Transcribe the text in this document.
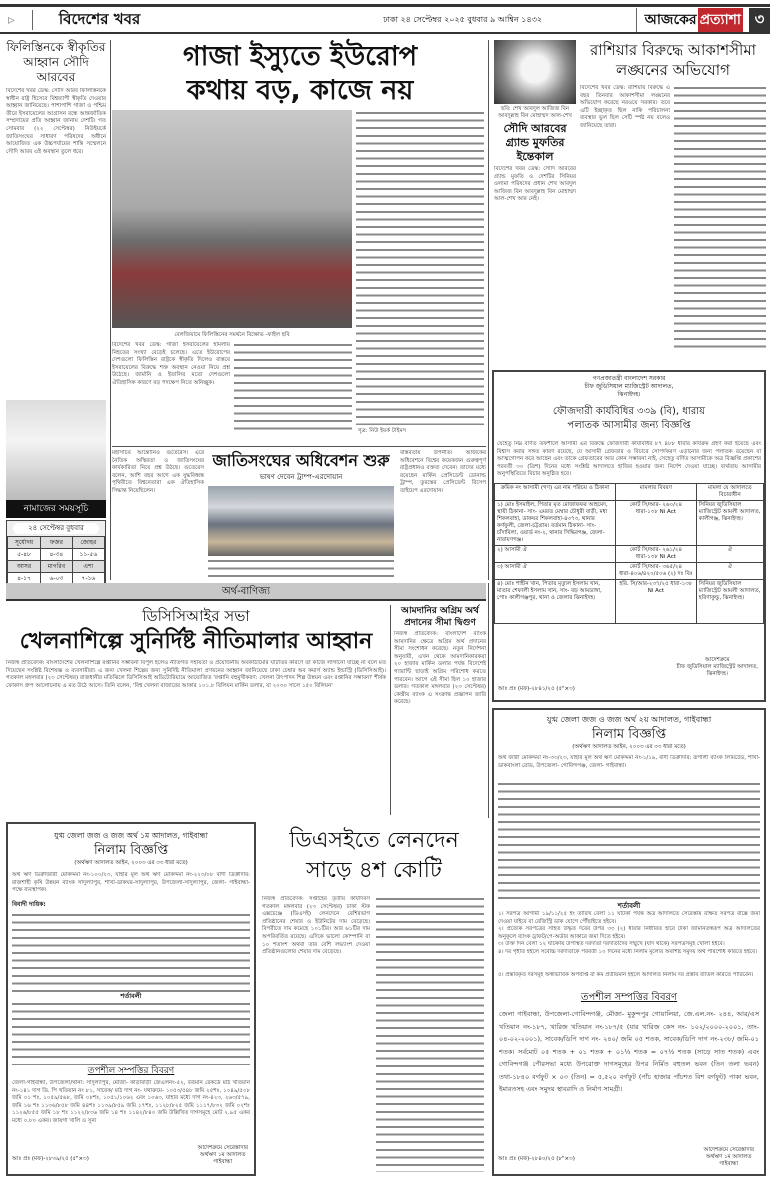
▹	বিদেশের খবর	ঢাকা ২৪ সেপ্টেম্বর ২০২৫ বুধবার ৯ আশ্বিন ১৪৩২	আজকের প্রত্যাশা ৩
ফিলিস্তিনকে স্বীকৃতির আহ্বান সৌদি আরবের
বিদেশের খবর ডেস্ক: সৌদি আরব ফিলিস্তিনকে স্বাধীন রাষ্ট্র হিসেবে বিশ্বব্যাপী স্বীকৃতি দেওয়ার আহ্বান জানিয়েছে। পাশাপাশি গাজা ও পশ্চিম তীরে ইসরায়েলের আগ্রাসন বন্ধে আন্তর্জাতিক সম্প্রদায়ের প্রতি আহ্বান জানায় দেশটি। গত সোমবার (২২ সেপ্টেম্বর) নিউইয়র্কে জাতিসংঘের সাধারণ পরিষদের অধীনে আয়োজিত এক উচ্চপর্যায়ের শান্তি সম্মেলনে সৌদি আরব এই অবস্থান তুলে ধরে।
নামাজের সময়সূচি
২৪ সেপ্টেম্বর বুধবার
সূর্যোদয়	ফজর	জোহর
৫-৪৮	৪-৩৪	১১-৫৬
আসর	মাগরিব	এশা
৪-১৭	৬-০৩	৭-১৬
গাজা ইস্যুতে ইউরোপ
কথায় বড়, কাজে নয়
বেলজিয়ামে ফিলিস্তিনের সমর্থনে বিক্ষোভ -ফাইল ছবি
বিদেশের খবর ডেস্ক: গাজা ইসরায়েলের হামলায় নিহতের সংখ্যা বেড়েই চলেছে। এতে ইউরোপের দেশগুলো ফিলিস্তিন রাষ্ট্রকে স্বীকৃতি দিলেও বাস্তবে ইসরায়েলের বিরুদ্ধে শক্ত অবস্থান নেওয়া নিয়ে প্রশ্ন উঠেছে। জার্মানি ও ইতালির মতো দেশগুলো ঐতিহাসিক কারণে বড় পদক্ষেপ নিতে অনিচ্ছুক।
সূত্র: নিউ ইয়র্ক টাইমস
ছবি: শেখ আবদুল আজিজ বিন আবদুল্লাহ বিন মোহাম্মদ আল-শেখ
রাশিয়ার বিরুদ্ধে আকাশসীমা
লঙ্ঘনের অভিযোগ
বিদেশের খবর ডেস্ক: রাশিয়ার বিরুদ্ধে এ বছর তিনবার আকাশসীমা লঙ্ঘনের অভিযোগ করেছে নরওয়ে সরকার। তবে এটি ইচ্ছাকৃত ছিল নাকি পরিচালনা ব্যবস্থার ভুল ছিল সেটি স্পষ্ট নয় বলেও জানিয়েছে তারা।
সৌদি আরবের গ্র্যান্ড মুফতির ইন্তেকাল
বিদেশের খবর ডেস্ক: সৌদি আরবের গ্র্যান্ড মুফতি ও দেশটির সিনিয়র ওলামা পরিষদের প্রধান শেখ আবদুল আজিজ বিন আবদুল্লাহ বিন মোহাম্মদ আল-শেখ আর নেই।
গণপ্রজাতন্ত্রী বাংলাদেশ সরকার
চীফ জুডিসিয়াল ম্যাজিস্ট্রেট আদালত,
ঝিনাইদহ।
ফৌজদারী কার্যবিধির ৩৩৯ (বি), ধারায়
পলাতক আসামীর জন্য বিজ্ঞপ্তি
যেহেতু নিম্ন বর্ণিত তফশীলে আসামী এর বিরুদ্ধে ফৌজদারী কার্যবিধির ৮৭ ৪৮৮ ধারার কার্যক্রম গ্রহণ করা হয়েছে এবং বিশ্বাস করার সঙ্গত কারণ রয়েছে, যে আসামী গ্রেফতার ও বিচারে সোপর্দকরণ এড়ানোর জন্য পলাতক রয়েছেন বা আত্মগোপন করে আছেন এবং তাকে গ্রেফতারের আর কোন সম্ভাবনা নাই, সেহেতু বর্ণিত আসামীকে অত্র বিজ্ঞপ্তি প্রকাশের পরবর্তী ৩০ (ত্রিশ) দিনের মধ্যে সংশ্লিষ্ট আদালতে হাজির হওয়ার জন্য নির্দেশ দেওয়া যাচ্ছে। ব্যর্থতায় আসামীর অনুপস্থিতিতে বিচার অনুষ্ঠিত হবে।
ক্রমিক নং আসামী (গণ) এর নাম পরিচয় ও ঠিকানা	মামলার বিবরণ	মামলা যে আদালতে বিচারাধীন
১) মোঃ ইসমাইল, পিতার মৃত মোজাফফর আহমেদ, স্থায়ী ঠিকানা- সাং- এমরত মেম্বার চৌধুরী বাড়ী, মধ্য শিকলবাহা, ডাকঘর শিকলবাহা-৪৩৭৩, থানার কর্ণফুলী, জেলা-চট্টগ্রাম। বর্তমান ঠিকানা- সাং- চাঁদাবিলা, ওয়ার্ড নং-২, থানার সিদ্ধিরগঞ্জ, জেলা- নারায়ণগঞ্জ।	কোর্ট সি/আর- ২৬০/২৪ ধারা-১৩৮ Ni Act	সিনিয়র জুডিসিয়াল ম্যাজিস্ট্রেট আমলী আদালত, কালীগঞ্জ, ঝিনাইদহ।
২) আসামী ঐ	কোর্ট সি/আর- ২৬১/২৪ ধারা-১৩৮ Ni Act	ঐ
৩) আসামী ঐ	কোর্ট সি/আর- ৩৬৫/২৪ ধারা-৪০৬/৪২০/৫০৬ (২) দঃ বিঃ	ঐ
৪) মোঃ শাহীন খান, পিতার মৃত্যুল ইসলাম খান, মাতার শেফালী ইসলাম খান, সাং- বড় আমডাঙ্গা, পোঃ কালীগঞ্জপুর, থানা ও জেলার ঝিনাইদহ।	হরি. সি/আর-২৩৭/২৫ ধারা-১৩৮ Ni Act	সিনিয়র জুডিসিয়াল ম্যাজিস্ট্রেট আমলী আদালত, হরিণাকুন্ডু, ঝিনাইদহ।
আদেশক্রমে
চীফ জুডিসিয়াল ম্যাজিস্ট্রেট আদালত,
ঝিনাইদহ।
আঃ প্রঃ (মফ)-২৮৪১/২৫ (৫"×৩)
মহাসচিব আন্তোনিও গুতেরেস। এরে নৈতিক অস্থিরতা ও জাতিসংঘের কার্যকারিতা নিয়ে প্রশ্ন উঠছে। গুতেরেস বলেন, আশি বছর আগে এক যুদ্ধবিধ্বস্ত পৃথিবীতে বিশ্বনেতারা এক ঐতিহাসিক সিদ্ধান্ত নিয়েছিলেন।
জাতিসংঘের অধিবেশন শুরু
ভাষণ দেবেন ট্রাম্প-এরদোয়ান
বাস্তবতায় উপনীত। আজকের অধিবেশনে বিশ্বের কয়েকজন গুরুত্বপূর্ণ রাষ্ট্রপ্রধানও বক্তব্য দেবেন। তাদের মধ্যে রয়েছেন মার্কিন প্রেসিডেন্ট ডোনাল্ড ট্রাম্প, তুরস্কের প্রেসিডেন্ট রিসেপ তাইয়েপ এরদোয়ান।
অর্থ-বাণিজ্য
ডিসিসিআইর সভা
খেলনাশিল্পে সুনির্দিষ্ট নীতিমালার আহ্বান
নিজস্ব প্রতিবেদক: বাংলাদেশের খেলনাশিল্পে রপ্তানির সম্ভাবনা বিপুল হলেও নীতিগত সহায়তা ও প্রয়োজনীয় অবকাঠামোর ঘাটতির কারণে তা কাজে লাগানো যাচ্ছে না বলে মত দিয়েছেন সংশ্লিষ্ট বিশেষজ্ঞ ও ব্যবসায়ীরা। এ জন্য খেলনা শিল্পের জন্য সুনির্দিষ্ট নীতিমালা প্রণয়নের আহ্বান জানিয়েছে ঢাকা চেম্বার অব কমার্স অ্যান্ড ইন্ডাস্ট্রি (ডিসিসিআই)। গতকাল মঙ্গলবার (২৩ সেপ্টেম্বর) রাজধানীর মতিঝিলে ডিসিসিআই অডিটোরিয়ামে আয়োজিত 'রপ্তানি বহুমুখীকরণ: খেলনা উৎপাদন শিল্প উন্নয়ন এবং রপ্তানির সম্ভাবনা' শীর্ষক ফোকাস গ্রুপ আলোচনায় এ মত উঠে আসে। তিনি বলেন, 'বিশ্ব খেলনা বাজারের আকার ১০১.৮ বিলিয়ন মার্কিন ডলার, যা ২০৩০ সালে ১৫০ বিলিয়ন'
আমদানির অগ্রিম অর্থ প্রদানের সীমা দ্বিগুণ
নিজস্ব প্রতিবেদক: বাংলাদেশ ব্যাংক আমদানির ক্ষেত্রে অগ্রিম অর্থ প্রদানের সীমা সংশোধন করেছে। নতুন নির্দেশনা অনুযায়ী, এখন থেকে আমদানিকারকরা ২০ হাজার মার্কিন ডলার পর্যন্ত বিদেশেই গ্যারান্টি ছাড়াই অগ্রিম পরিশোধ করতে পারবেন। আগে এই সীমা ছিল ১০ হাজার ডলার। গতকাল মঙ্গলবার (২৩ সেপ্টেম্বর) কেন্দ্রীয় ব্যাংক এ সংক্রান্ত প্রজ্ঞাপন জারি করেছে।
যুগ্ম জেলা জজ ও জজ অর্থ ২য় আদালত, গাইবান্ধা
নিলাম বিজ্ঞপ্তি
(অর্থঋণ আদালত আইন, ২০০৩ এর ৩৩ ধারা মতে)
অর্থ জারী মোকদ্দমা নং-৩৩/২৩, যাহার মূল অর্থ ঋণ মোকদ্দমা নং-১/১৯, বাদী ডিক্রীদার: রূপালী ব্যাংক লিমিটেড, শাখা- ডাকবাংলা রোড, উপজেলা- গোবিন্দগঞ্জ, জেলা- গাইবান্ধা।
শর্তাবলী
১। সরপত্র আগামী ১৯/১১/২৫ ইং তারিখ বেলা ১১ ঘটিকা পর্যন্ত অত্র আদালতে সেরেস্তায় রক্ষিত সরপত্র বাক্সে জমা দেওয়া যাইবে বা রেজিস্ট্রি ডাক যোগে পৌঁছাইতে হইবে।
২। প্রত্যেক সরপত্রের সহিত উদ্ধৃত দরের উপর ৩৩ (২) ধারার নির্ধারিত হারে টাকা জামানতস্বরূপ অত্র আদালতের অনুকূলে ব্যাংক ড্রাফট/পে-অর্ডার আকারে জমা দিতে হইবে।
৩। উক্ত দিন বেলা ১২ ঘটিকায় উপস্থিত দরদাতা দরদাতাদের সম্মুখে (যদি থাকে) সরপত্রসমূহ খোলা হইবে।
৪। দর গৃহীত হইলে সর্বোচ্চ দরদাতাকে পরবর্তী ১০ দিনের মধ্যে নিলাম মূল্যের অবশিষ্ট সমুদয় অর্থ পরিশোধ করিতে হইবে।
৫। প্রস্তাবকৃত দরসমূহ অস্বাভাবিক অপর্যাপ্ত বা কম প্রতীয়মান হইলে আদালত নিলাম দর প্রস্তাব বাতিল করিতে পারিবেন।
তপশীল সম্পত্তির বিবরণ
জেলা গাইবান্ধা, উপজেলা-গোবিন্দগঞ্জ, মৌজা- মুকুন্দপুর গোয়ালিয়া, জে.এল.নং- ২৪৪, আর/এস খতিয়ান নং-১৮৭, খারিজ খতিয়ান নং-১৮৭/৫ (যার খারিজ কেস নং- ১০২/২০০০-২০০১, তাং- ০৪-০২-২০০১), সাবেক/ডিপি দাগ নং- ২৪০/ জমি ০৫ শতক, সাবেক/ডিপি দাগ নং-২৩৮/ জমি-০১ শতক। সর্বমোট ০৫ শতক + ০১ শতক + ০১½ শতক = ০৭½ শতক (সাড়ে সাত শতক) এবং গোবিন্দগঞ্জ পৌরসভা মধ্যে উপরোক্ত দাগসমূহের উপর নির্মিত বহুতল ভবন (তিন তলা ভবন) তথা-১৮৪০ বর্গফুট × ০৩ (তিন) = ৫,৫২০ বর্গফুট (পাঁচ হাজার পাঁচশত বিশ বর্গফুট) পাকা ভবন, ইমারতসহ এবং সমুদয় স্থাবরাদি ও নির্মাণ সামগ্রী।
আদেশক্রমে সেরেস্তাদার
অর্থঋণ ১ম আদালত
গাইবান্ধা
আঃ প্রঃ (মফ)-২৮৪০/২৫ (৮"×৩)
যুগ্ম জেলা জজ ও জজ অর্থ ১ম আদালত, গাইবান্ধা
নিলাম বিজ্ঞপ্তি
(অর্থঋণ আদালত আইন, ২০০৩ এর ৩৩ ধারা মতে)
অর্থ ঋণ ডিক্রীজারী মোকদ্দমা নং-১০০/২৩, যাহার মূল অর্থ ঋণ মোকদ্দমা নং-২২৩/০৮ বাদী ডিক্রীদার: রাজশাহী কৃষি উন্নয়ন ব্যাংক সাদুল্যাপুর, শাখা-ডাকঘর-সাদুল্যাপুর, উপজেলা-সাদুল্যাপুর, জেলা- গাইবান্ধা-পক্ষে ব্যবস্থাপক।
বিবাদী দায়িক:
শর্তাবলী
তপশীল সম্পত্তির বিবরণ
জেলা-গাইবান্ধা, উপজেলা/থানা: সাদুল্যাপুর, মৌজা- কাড়াবাড়ী জেএলনং-৫২, বর্তমান রেকর্ডে মাঠ খতিয়ান নং-১৪১ দাগ ডি. পি খতিয়ান নং ৮১, সাবেক/ মাঠ দাগ নং- যথাক্রমে- ১০৫৩/৫৪৮ জমি ২৫শঃ, ১০৪৯/৫০৮ জমি ০১ শঃ, ১০৫৯/৫৬৮, জমি ০৮শঃ, ১০৫১/১০৬২ এবং ১০৬৩, যাহার মধ্যে দাগ নং-৪২৩, ২৬৩/৫৭৯, জমি ১৬ শঃ ১১৩৬/৮৫৮ জমি ৪৪শঃ ১১৩৯/৮৫৯ জমি ১৭শঃ, ১১২৮/৮২৫ জমি ১১১৭/৮৩২ জমি ০২শঃ ১১২৬/৮৫৫ জমি ১৮ শঃ ১১২২/৮৩৬ জমি ১৪ শঃ ১১৪২/৮৪০ জমি উল্লিখিত দাগসমূহে মোট ২.৯৫ একর মধ্যে ০.৮০ একর। জায়গা খালি ও সুন্য
আদেশক্রমে সেরেস্তাদার
অর্থঋণ ১ম আদালত
গাইবান্ধা
আঃ প্রঃ (মফ)-২৮৩৯/২৫ (৫"×৩)
ডিএসইতে লেনদেন
সাড়ে ৪শ কোটি
নিজস্ব প্রতিবেদক: সপ্তাহের তৃতীয় কার্যদিবস গতকাল মঙ্গলবার (২৩ সেপ্টেম্বর) ঢাকা স্টক এক্সচেঞ্জে (ডিএসই) লেনদেনে বেশিরভাগ প্রতিষ্ঠানের শেয়ার ও ইউনিটের দাম বেড়েছে। বিপরীতে দাম কমেছে ১০১টির। আর ৬১টির দাম অপরিবর্তিত রয়েছে। এদিকে ভালো কোম্পানি বা ১০ শতাংশ অথবা তার বেশি লভ্যাংশ দেওয়া প্রতিষ্ঠানগুলোর শেয়ার দাম বেড়েছে।
